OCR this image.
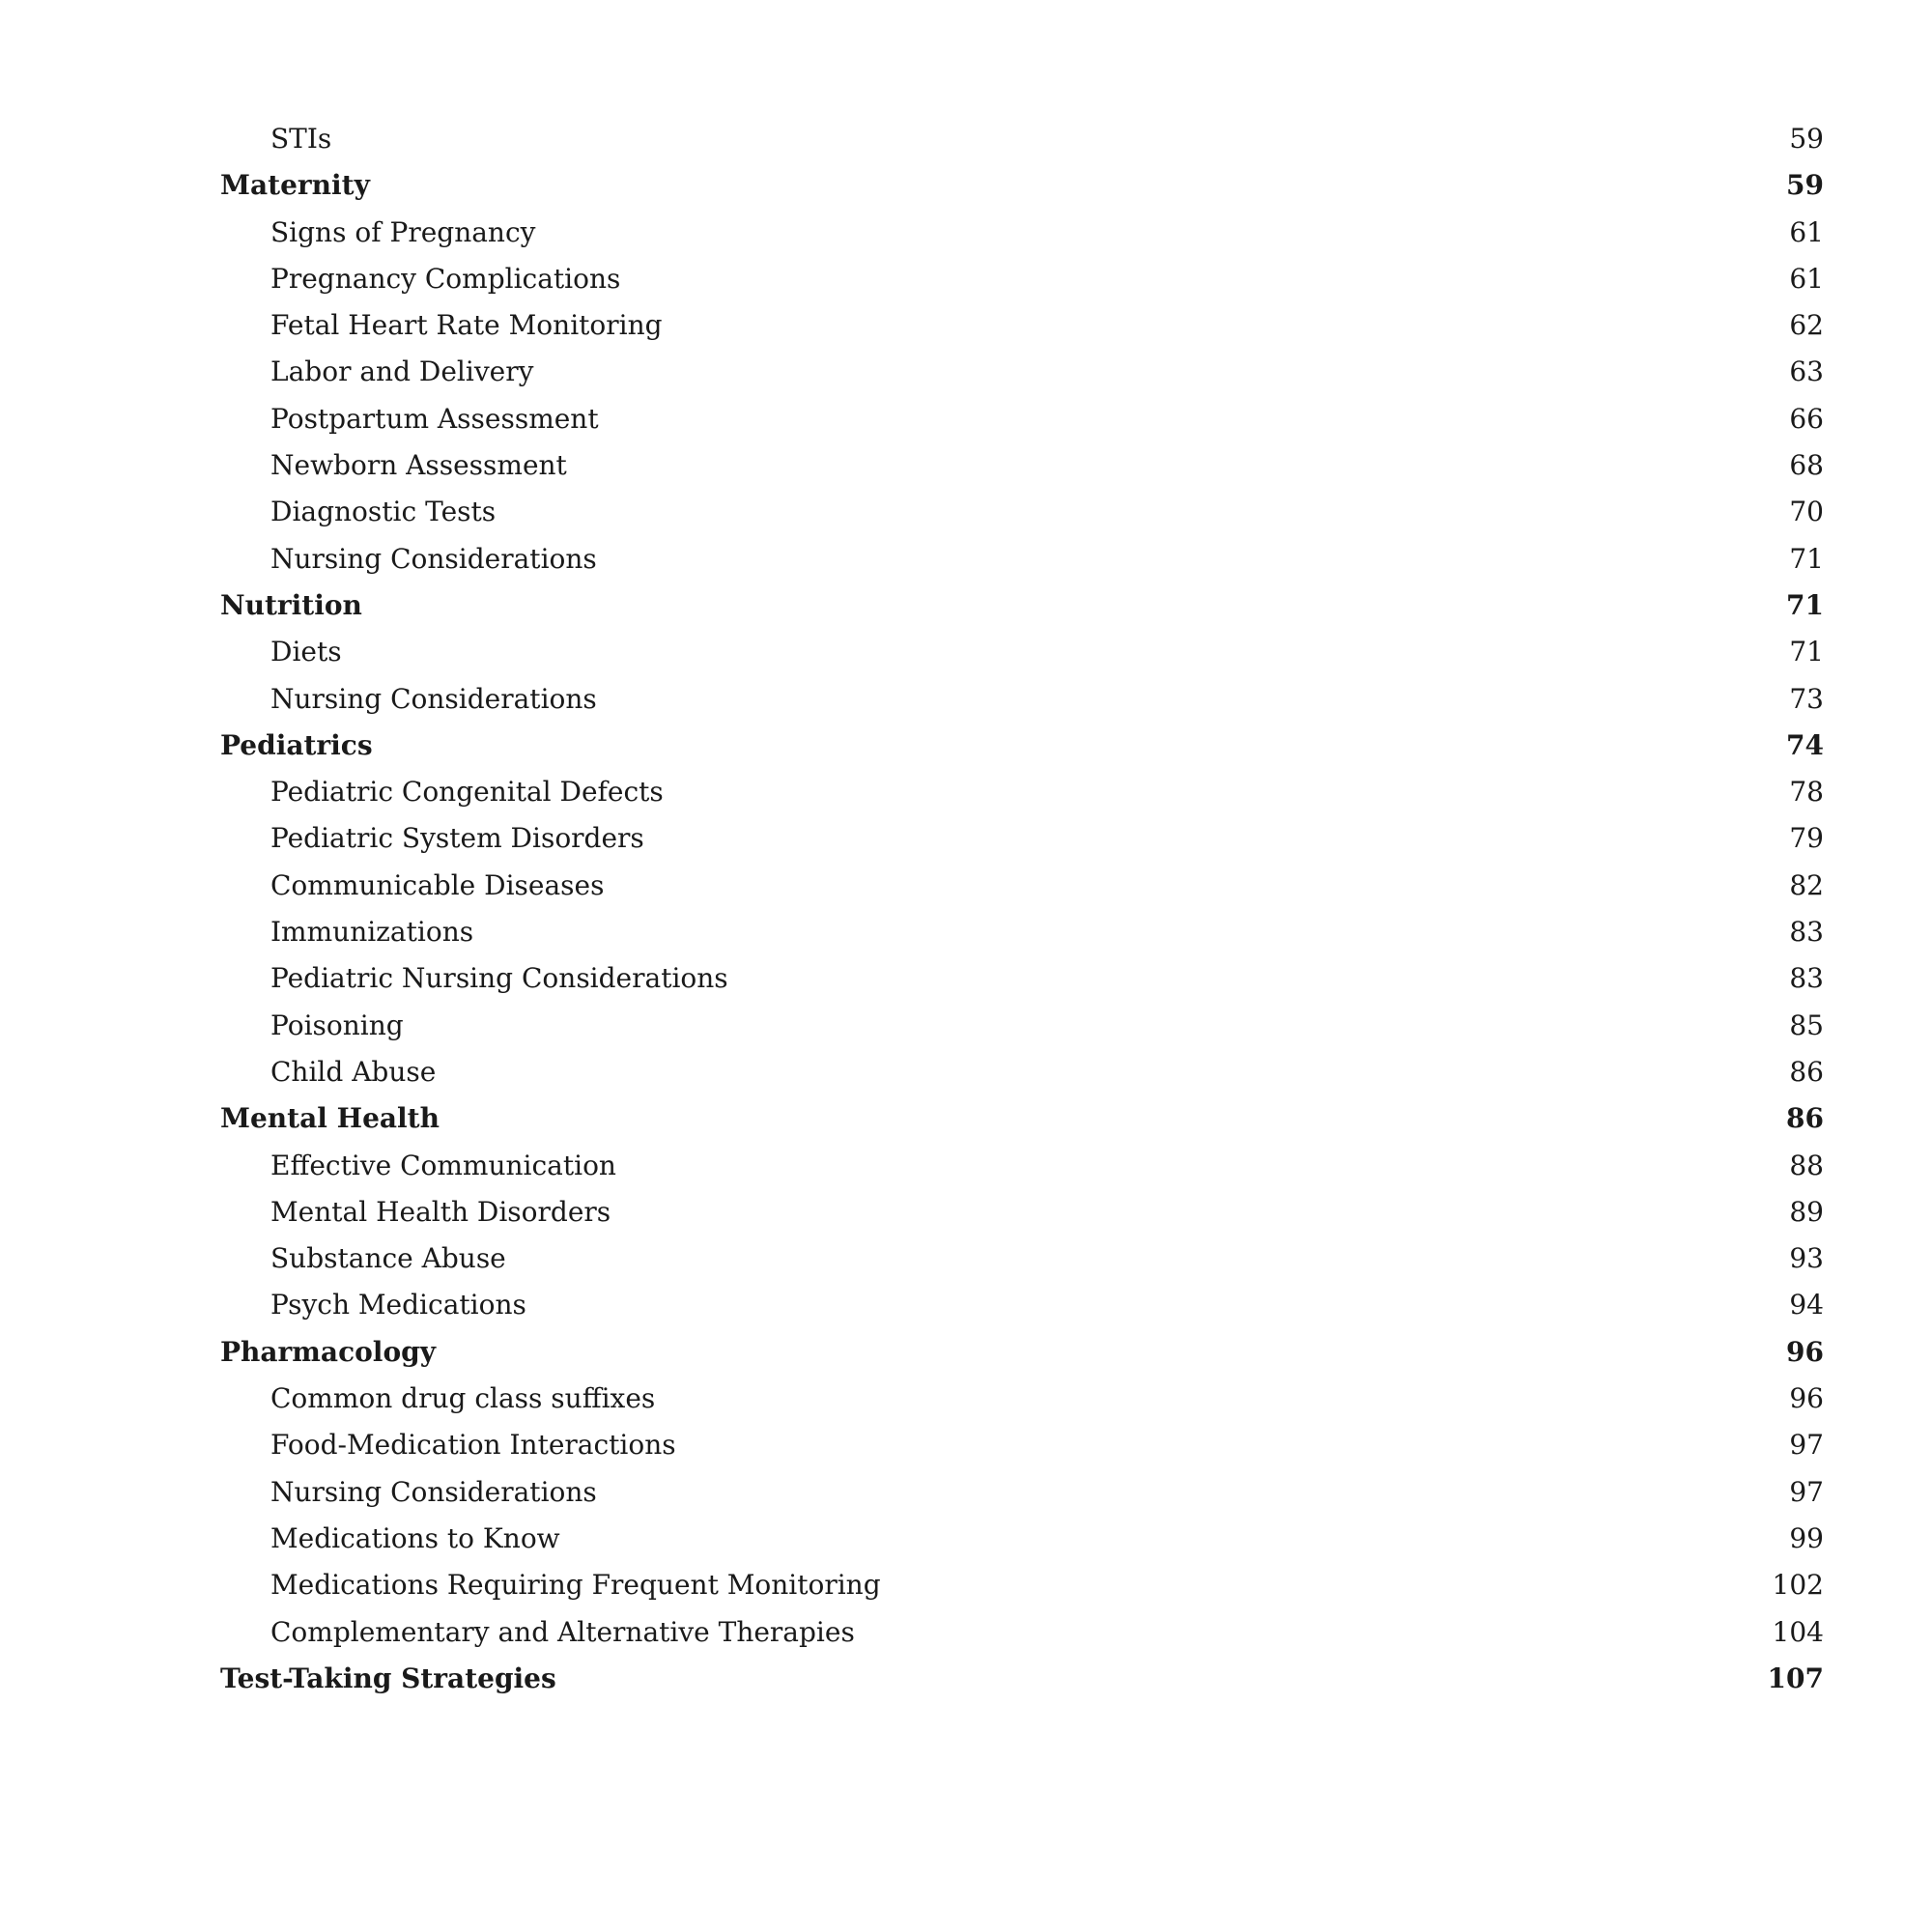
STIs	59
Maternity	59
Signs of Pregnancy	61
Pregnancy Complications	61
Fetal Heart Rate Monitoring	62
Labor and Delivery	63
Postpartum Assessment	66
Newborn Assessment	68
Diagnostic Tests	70
Nursing Considerations	71
Nutrition	71
Diets	71
Nursing Considerations	73
Pediatrics	74
Pediatric Congenital Defects	78
Pediatric System Disorders	79
Communicable Diseases	82
Immunizations	83
Pediatric Nursing Considerations	83
Poisoning	85
Child Abuse	86
Mental Health	86
Effective Communication	88
Mental Health Disorders	89
Substance Abuse	93
Psych Medications	94
Pharmacology	96
Common drug class suffixes	96
Food-Medication Interactions	97
Nursing Considerations	97
Medications to Know	99
Medications Requiring Frequent Monitoring	102
Complementary and Alternative Therapies	104
Test-Taking Strategies	107
